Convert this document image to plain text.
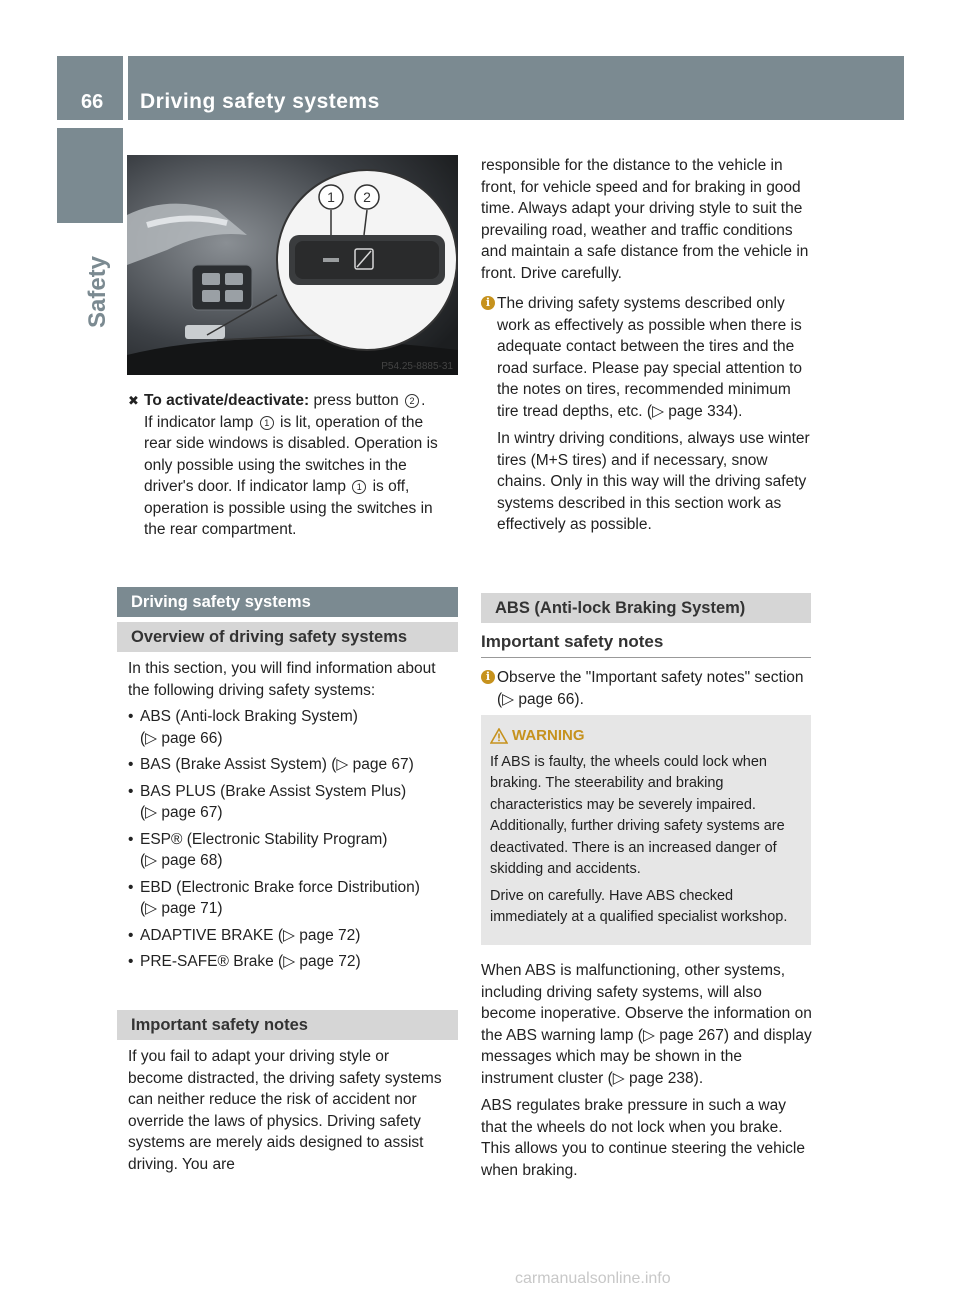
66	Driving safety systems
Safety
1 2
P54.25-8885-31
✖ To activate/deactivate: press button 2 .
If indicator lamp 1 is lit, operation of the
rear side windows is disabled. Operation is
only possible using the switches in the
driver's door. If indicator lamp 1 is off,
operation is possible using the switches in
the rear compartment.
Driving safety systems
Overview of driving safety systems

In this section, you will find information about the following driving safety systems:

• ABS (Anti-lock Braking System)
(▷ page 66)
• BAS (Brake Assist System) (▷ page 67)
• BAS PLUS (Brake Assist System Plus)
(▷ page 67)
• ESP® (Electronic Stability Program)
(▷ page 68)
• EBD (Electronic Brake force Distribution)
(▷ page 71)
• ADAPTIVE BRAKE (▷ page 72)
• PRE-SAFE® Brake (▷ page 72)
Important safety notes

If you fail to adapt your driving style or become distracted, the driving safety systems can neither reduce the risk of accident nor override the laws of physics. Driving safety systems are merely aids designed to assist driving. You are

responsible for the distance to the vehicle in front, for vehicle speed and for braking in good time. Always adapt your driving style to suit the prevailing road, weather and traffic conditions and maintain a safe distance from the vehicle in front. Drive carefully.

i The driving safety systems described only work as effectively as possible when there is adequate contact between the tires and the road surface. Please pay special attention to the notes on tires, recommended minimum tire tread depths, etc. (▷ page 334).

In wintry driving conditions, always use winter tires (M+S tires) and if necessary, snow chains. Only in this way will the driving safety systems described in this section work as effectively as possible.

ABS (Anti-lock Braking System)
Important safety notes
i Observe the "Important safety notes" section (▷ page 66).

WARNING

If ABS is faulty, the wheels could lock when braking. The steerability and braking characteristics may be severely impaired. Additionally, further driving safety systems are deactivated. There is an increased danger of skidding and accidents.

Drive on carefully. Have ABS checked immediately at a qualified specialist workshop.

When ABS is malfunctioning, other systems, including driving safety systems, will also become inoperative. Observe the information on the ABS warning lamp (▷ page 267) and display messages which may be shown in the instrument cluster (▷ page 238).

ABS regulates brake pressure in such a way that the wheels do not lock when you brake. This allows you to continue steering the vehicle when braking.

carmanualsonline.info
